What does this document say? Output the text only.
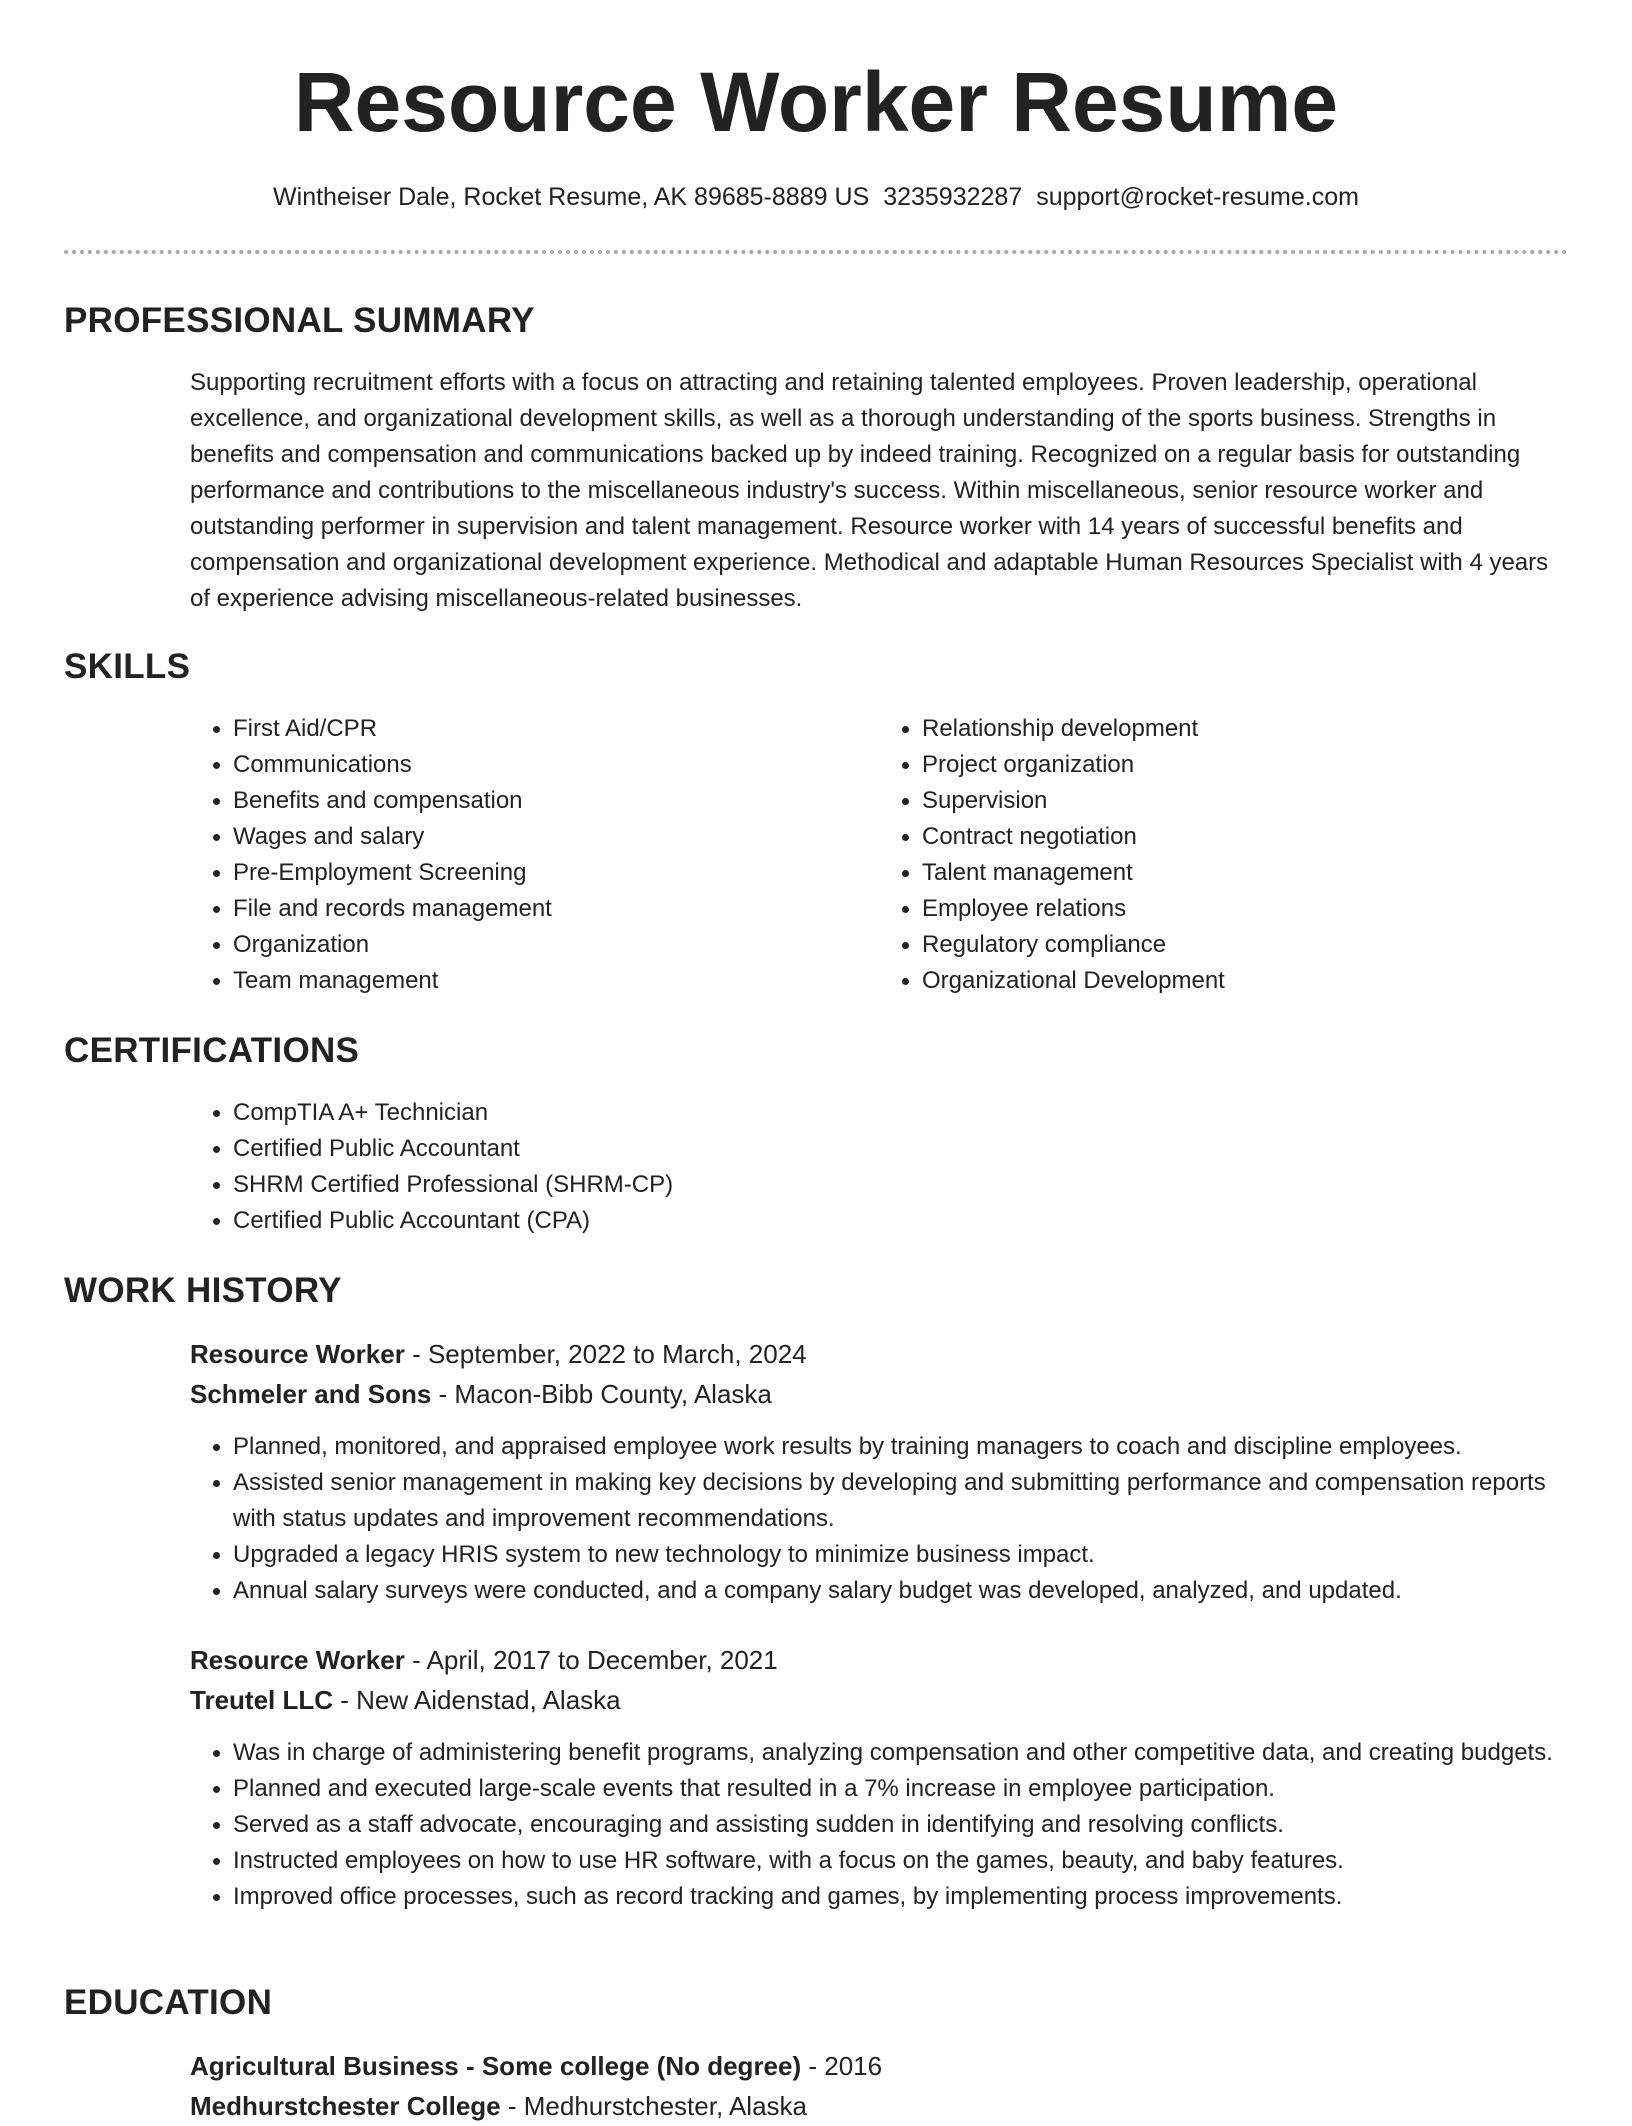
Resource Worker Resume
Wintheiser Dale, Rocket Resume, AK 89685-8889 US 3235932287 support@rocket-resume.com
PROFESSIONAL SUMMARY

Supporting recruitment efforts with a focus on attracting and retaining talented employees. Proven leadership, operational excellence, and organizational development skills, as well as a thorough understanding of the sports business. Strengths in benefits and compensation and communications backed up by indeed training. Recognized on a regular basis for outstanding performance and contributions to the miscellaneous industry's success. Within miscellaneous, senior resource worker and outstanding performer in supervision and talent management. Resource worker with 14 years of successful benefits and compensation and organizational development experience. Methodical and adaptable Human Resources Specialist with 4 years of experience advising miscellaneous-related businesses.

SKILLS
• First Aid/CPR
• Communications
• Benefits and compensation
• Wages and salary
• Pre-Employment Screening
• File and records management
• Organization
• Team management
• Relationship development
• Project organization
• Supervision
• Contract negotiation
• Talent management
• Employee relations
• Regulatory compliance
• Organizational Development
CERTIFICATIONS
• CompTIA A+ Technician
• Certified Public Accountant
• SHRM Certified Professional (SHRM-CP)
• Certified Public Accountant (CPA)
WORK HISTORY

Resource Worker - September, 2022 to March, 2024

Schmeler and Sons - Macon-Bibb County, Alaska

• Planned, monitored, and appraised employee work results by training managers to coach and discipline employees.
• Assisted senior management in making key decisions by developing and submitting performance and compensation reports with status updates and improvement recommendations.
• Upgraded a legacy HRIS system to new technology to minimize business impact.
• Annual salary surveys were conducted, and a company salary budget was developed, analyzed, and updated.

Resource Worker - April, 2017 to December, 2021

Treutel LLC - New Aidenstad, Alaska

• Was in charge of administering benefit programs, analyzing compensation and other competitive data, and creating budgets.
• Planned and executed large-scale events that resulted in a 7% increase in employee participation.
• Served as a staff advocate, encouraging and assisting sudden in identifying and resolving conflicts.
• Instructed employees on how to use HR software, with a focus on the games, beauty, and baby features.
• Improved office processes, such as record tracking and games, by implementing process improvements.
EDUCATION

Agricultural Business - Some college (No degree) - 2016

Medhurstchester College - Medhurstchester, Alaska
